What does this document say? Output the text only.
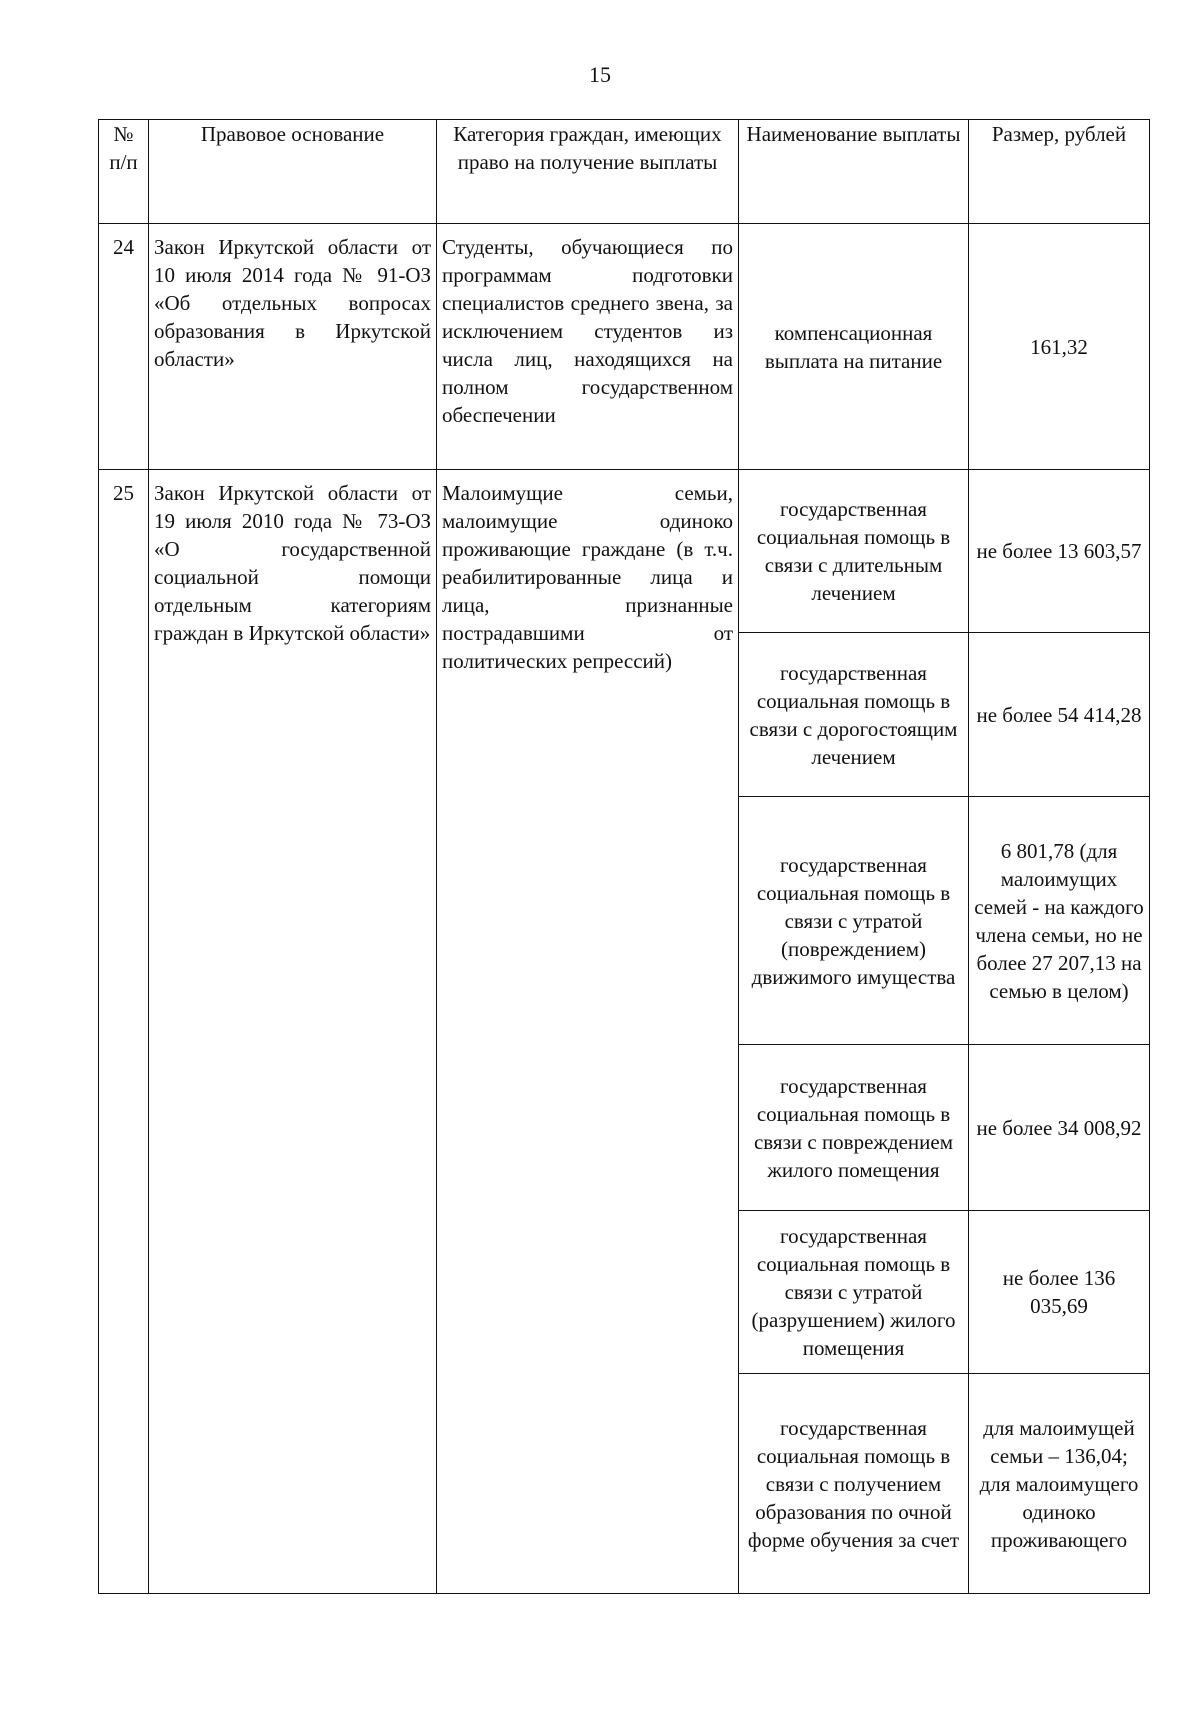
15
№ п/п	Правовое основание	Категория граждан, имеющих право на получение выплаты	Наименование выплаты	Размер, рублей
24	Закон Иркутской области от 10 июля 2014 года № 91-ОЗ «Об отдельных вопросах образования в Иркутской области»	Студенты, обучающиеся по программам подготовки специалистов среднего звена, за исключением студентов из числа лиц, находящихся на полном государственном обеспечении	компенсационная выплата на питание	161,32
25	Закон Иркутской области от 19 июля 2010 года № 73-ОЗ «О государственной социальной помощи отдельным категориям граждан в Иркутской области»	Малоимущие семьи, малоимущие одиноко проживающие граждане (в т.ч. реабилитированные лица и лица, признанные пострадавшими от политических репрессий)	государственная социальная помощь в связи с длительным лечением	не более 13 603,57
			государственная социальная помощь в связи с дорогостоящим лечением	не более 54 414,28
			государственная социальная помощь в связи с утратой (повреждением) движимого имущества	6 801,78 (для малоимущих семей - на каждого члена семьи, но не более 27 207,13 на семью в целом)
			государственная социальная помощь в связи с повреждением жилого помещения	не более 34 008,92
			государственная социальная помощь в связи с утратой (разрушением) жилого помещения	не более 136 035,69
			государственная социальная помощь в связи с получением образования по очной форме обучения за счет	для малоимущей семьи – 136,04; для малоимущего одиноко проживающего
